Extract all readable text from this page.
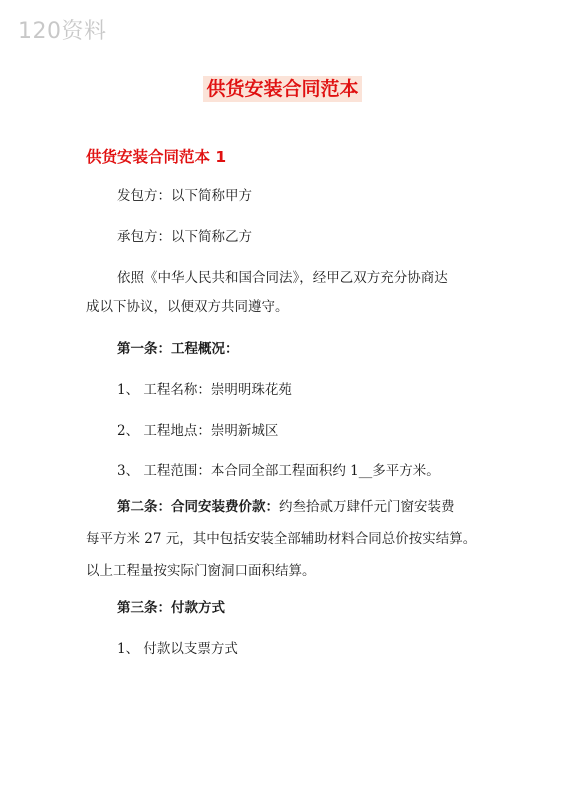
120资料
供货安装合同范本
供货安装合同范本 1
发包方：以下简称甲方
承包方：以下简称乙方
依照《中华人民共和国合同法》，经甲乙双方充分协商达
成以下协议，以便双方共同遵守。
第一条：工程概况：
1、 工程名称：崇明明珠花苑
2、 工程地点：崇明新城区
3、 工程范围：本合同全部工程面积约 1__多平方米。
第二条：合同安装费价款：约叁拾贰万肆仟元门窗安装费
每平方米 27 元，其中包括安装全部辅助材料合同总价按实结算。
以上工程量按实际门窗洞口面积结算。
第三条：付款方式
1、 付款以支票方式
